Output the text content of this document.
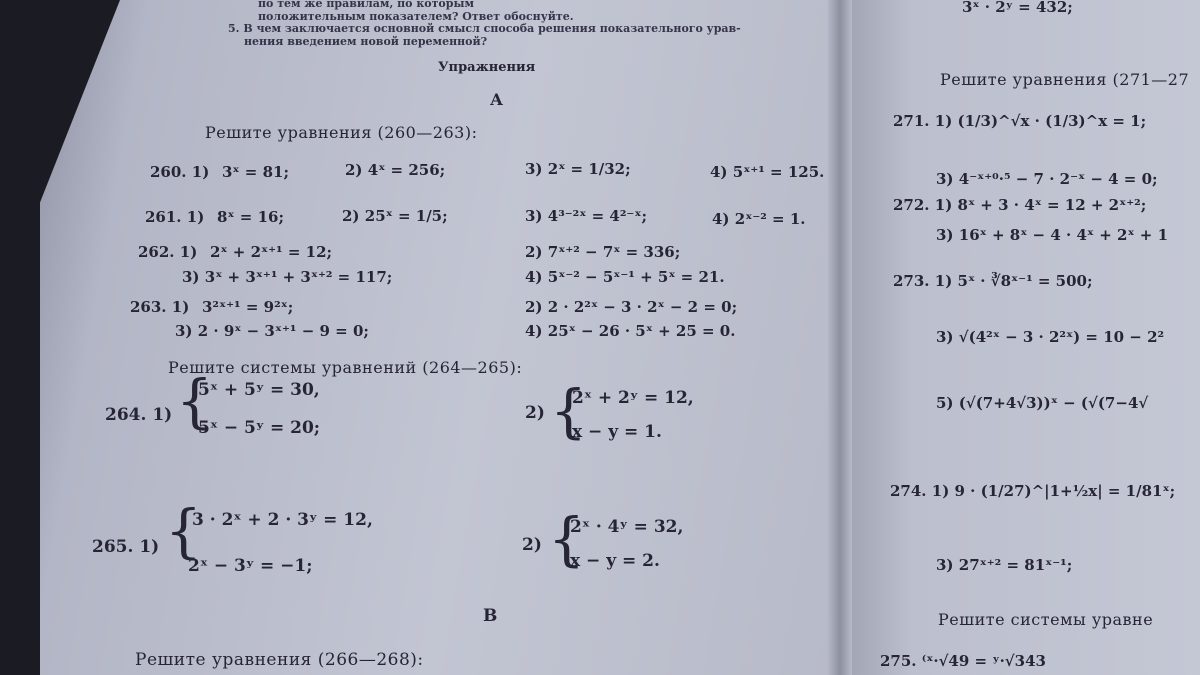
по тем же правилам, по которым
положительным показателем? Ответ обоснуйте.
5. В чем заключается основной смысл способа решения показательного урав-
нения введением новой переменной?
Упражнения
А
Решите уравнения (260—263):
260. 1) 3ˣ = 81;	2) 4ˣ = 256;	3) 2ˣ = 1/32;	4) 5ˣ⁺¹ = 125.
261. 1) 8ˣ = 16;	2) 25ˣ = 1/5;	3) 4³⁻²ˣ = 4²⁻ˣ;	4) 2ˣ⁻² = 1.
262. 1) 2ˣ + 2ˣ⁺¹ = 12;	2) 7ˣ⁺² − 7ˣ = 336;
3) 3ˣ + 3ˣ⁺¹ + 3ˣ⁺² = 117;	4) 5ˣ⁻² − 5ˣ⁻¹ + 5ˣ = 21.
263. 1) 3²ˣ⁺¹ = 9²ˣ;	2) 2 · 2²ˣ − 3 · 2ˣ − 2 = 0;
3) 2 · 9ˣ − 3ˣ⁺¹ − 9 = 0;	4) 25ˣ − 26 · 5ˣ + 25 = 0.
Решите системы уравнений (264—265):
264. 1) {
5ˣ + 5ʸ = 30,
5ˣ − 5ʸ = 20;
2) {
2ˣ + 2ʸ = 12,
x − y = 1.
265. 1) {
3 · 2ˣ + 2 · 3ʸ = 12,
2ˣ − 3ʸ = −1;
2) {
2ˣ · 4ʸ = 32,
x − y = 2.
В
Решите уравнения (266—268):
3ˣ · 2ʸ = 432;
Решите уравнения (271—27
271. 1) (1/3)^√x · (1/3)^x = 1;
3) 4⁻ˣ⁺⁰·⁵ − 7 · 2⁻ˣ − 4 = 0;
272. 1) 8ˣ + 3 · 4ˣ = 12 + 2ˣ⁺²;
3) 16ˣ + 8ˣ − 4 · 4ˣ + 2ˣ + 1
273. 1) 5ˣ · ∛8ˣ⁻¹ = 500;
3) √(4²ˣ − 3 · 2²ˣ) = 10 − 2²
5) (√(7+4√3))ˣ − (√(7−4√
274. 1) 9 · (1/27)^|1+½x| = 1/81ˣ;
3) 27ˣ⁺² = 81ˣ⁻¹;
Решите системы уравне
275. ⁽ˣ·√49 = ʸ·√343
